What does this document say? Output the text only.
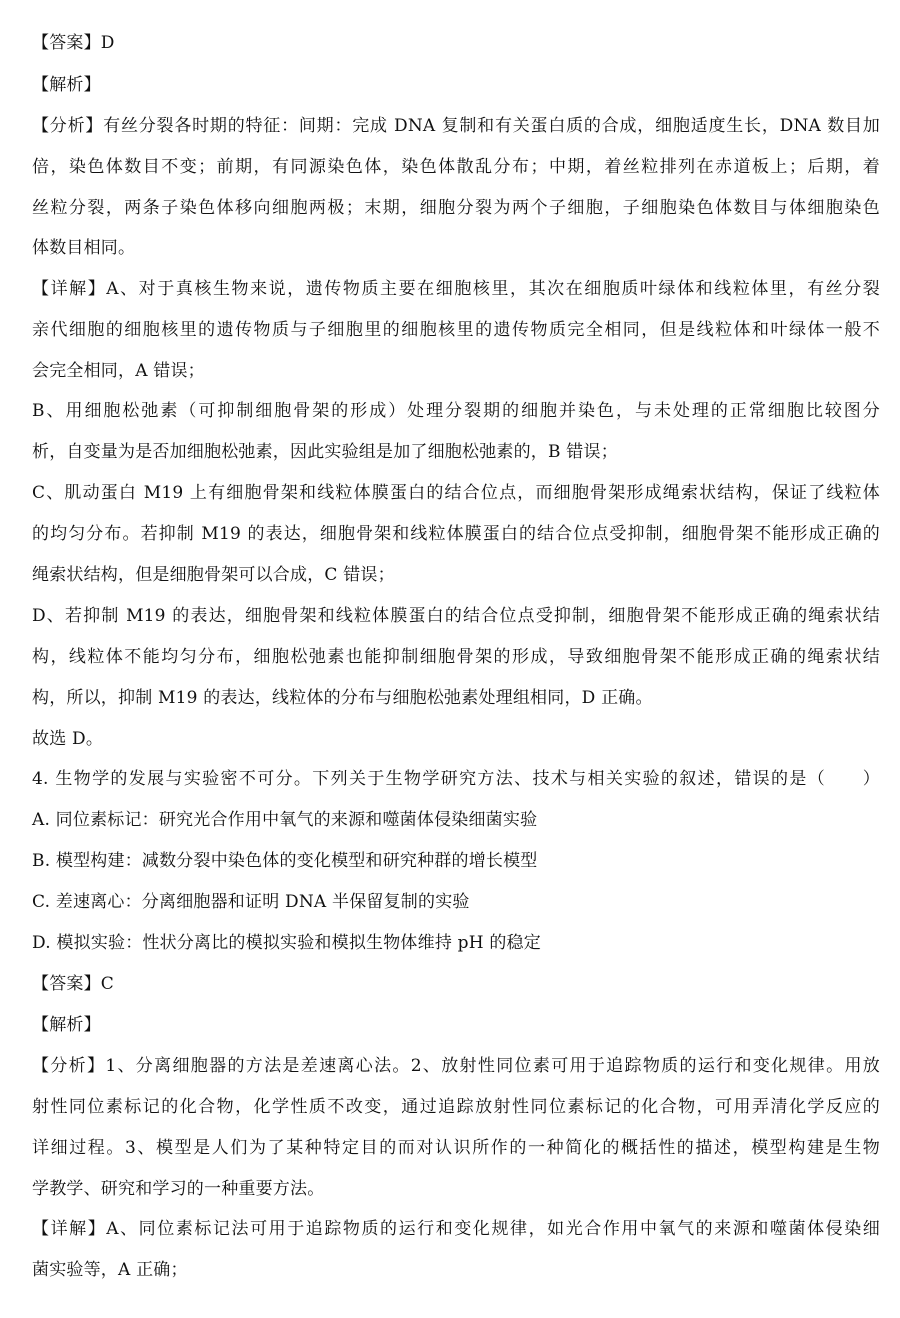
【答案】D
【解析】
【分析】有丝分裂各时期的特征：间期：完成 DNA 复制和有关蛋白质的合成，细胞适度生长，DNA 数目加
倍，染色体数目不变；前期，有同源染色体，染色体散乱分布；中期，着丝粒排列在赤道板上；后期，着
丝粒分裂，两条子染色体移向细胞两极；末期，细胞分裂为两个子细胞，子细胞染色体数目与体细胞染色
体数目相同。
【详解】A、对于真核生物来说，遗传物质主要在细胞核里，其次在细胞质叶绿体和线粒体里，有丝分裂
亲代细胞的细胞核里的遗传物质与子细胞里的细胞核里的遗传物质完全相同，但是线粒体和叶绿体一般不
会完全相同，A 错误；
B、用细胞松弛素（可抑制细胞骨架的形成）处理分裂期的细胞并染色，与未处理的正常细胞比较图分
析，自变量为是否加细胞松弛素，因此实验组是加了细胞松弛素的，B 错误；
C、肌动蛋白 M19 上有细胞骨架和线粒体膜蛋白的结合位点，而细胞骨架形成绳索状结构，保证了线粒体
的均匀分布。若抑制 M19 的表达，细胞骨架和线粒体膜蛋白的结合位点受抑制，细胞骨架不能形成正确的
绳索状结构，但是细胞骨架可以合成，C 错误；
D、若抑制 M19 的表达，细胞骨架和线粒体膜蛋白的结合位点受抑制，细胞骨架不能形成正确的绳索状结
构，线粒体不能均匀分布，细胞松弛素也能抑制细胞骨架的形成，导致细胞骨架不能形成正确的绳索状结
构，所以，抑制 M19 的表达，线粒体的分布与细胞松弛素处理组相同，D 正确。
故选 D。
4. 生物学的发展与实验密不可分。下列关于生物学研究方法、技术与相关实验的叙述，错误的是（　　）
A. 同位素标记：研究光合作用中氧气的来源和噬菌体侵染细菌实验
B. 模型构建：减数分裂中染色体的变化模型和研究种群的增长模型
C. 差速离心：分离细胞器和证明 DNA 半保留复制的实验
D. 模拟实验：性状分离比的模拟实验和模拟生物体维持 pH 的稳定
【答案】C
【解析】
【分析】1、分离细胞器的方法是差速离心法。2、放射性同位素可用于追踪物质的运行和变化规律。用放
射性同位素标记的化合物，化学性质不改变，通过追踪放射性同位素标记的化合物，可用弄清化学反应的
详细过程。3、模型是人们为了某种特定目的而对认识所作的一种简化的概括性的描述，模型构建是生物
学教学、研究和学习的一种重要方法。
【详解】A、同位素标记法可用于追踪物质的运行和变化规律，如光合作用中氧气的来源和噬菌体侵染细
菌实验等，A 正确；
